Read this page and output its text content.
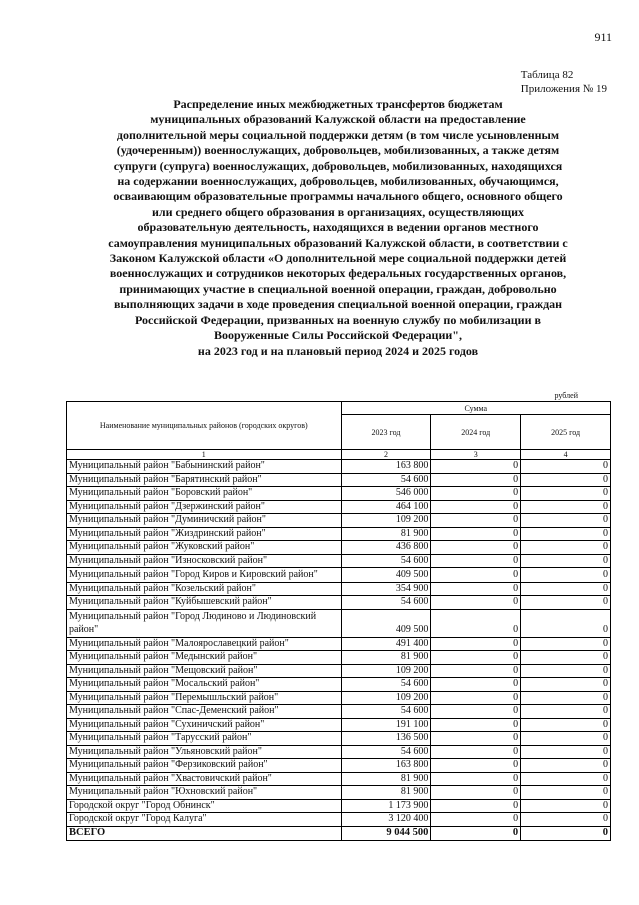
911
Таблица 82
Приложения № 19
Распределение иных межбюджетных трансфертов бюджетам
муниципальных образований Калужской области на предоставление
дополнительной меры социальной поддержки детям (в том числе усыновленным
(удочеренным)) военнослужащих, добровольцев, мобилизованных, а также детям
супруги (супруга) военнослужащих, добровольцев, мобилизованных, находящихся
на содержании военнослужащих, добровольцев, мобилизованных, обучающимся,
осваивающим образовательные программы начального общего, основного общего
или среднего общего образования в организациях, осуществляющих
образовательную деятельность, находящихся в ведении органов местного
самоуправления муниципальных образований Калужской области, в соответствии с
Законом Калужской области «О дополнительной мере социальной поддержки детей
военнослужащих и сотрудников некоторых федеральных государственных органов,
принимающих участие в специальной военной операции, граждан, добровольно
выполняющих задачи в ходе проведения специальной военной операции, граждан
Российской Федерации, призванных на военную службу по мобилизации в
Вооруженные Силы Российской Федерации",
на 2023 год и на плановый период 2024 и 2025 годов
рублей
Наименование муниципальных районов (городских округов)	Сумма		
	2023 год	2024 год	2025 год
1	2	3	4
Муниципальный район "Бабынинский район"	163 800	0	0
Муниципальный район "Барятинский район"	54 600	0	0
Муниципальный район "Боровский район"	546 000	0	0
Муниципальный район "Дзержинский район"	464 100	0	0
Муниципальный район "Думиничский район"	109 200	0	0
Муниципальный район "Жиздринский район"	81 900	0	0
Муниципальный район "Жуковский район"	436 800	0	0
Муниципальный район "Износковский район"	54 600	0	0
Муниципальный район "Город Киров и Кировский район"	409 500	0	0
Муниципальный район "Козельский район"	354 900	0	0
Муниципальный район "Куйбышевский район"	54 600	0	0
Муниципальный район "Город Людиново и Людиновский район"	409 500	0	0
Муниципальный район "Малоярославецкий район"	491 400	0	0
Муниципальный район "Медынский район"	81 900	0	0
Муниципальный район "Мещовский район"	109 200	0	0
Муниципальный район "Мосальский район"	54 600	0	0
Муниципальный район "Перемышльский район"	109 200	0	0
Муниципальный район "Спас-Деменский район"	54 600	0	0
Муниципальный район "Сухиничский район"	191 100	0	0
Муниципальный район "Тарусский район"	136 500	0	0
Муниципальный район "Ульяновский район"	54 600	0	0
Муниципальный район "Ферзиковский район"	163 800	0	0
Муниципальный район "Хвастовичский район"	81 900	0	0
Муниципальный район "Юхновский район"	81 900	0	0
Городской округ "Город Обнинск"	1 173 900	0	0
Городской округ "Город Калуга"	3 120 400	0	0
ВСЕГО	9 044 500	0	0
